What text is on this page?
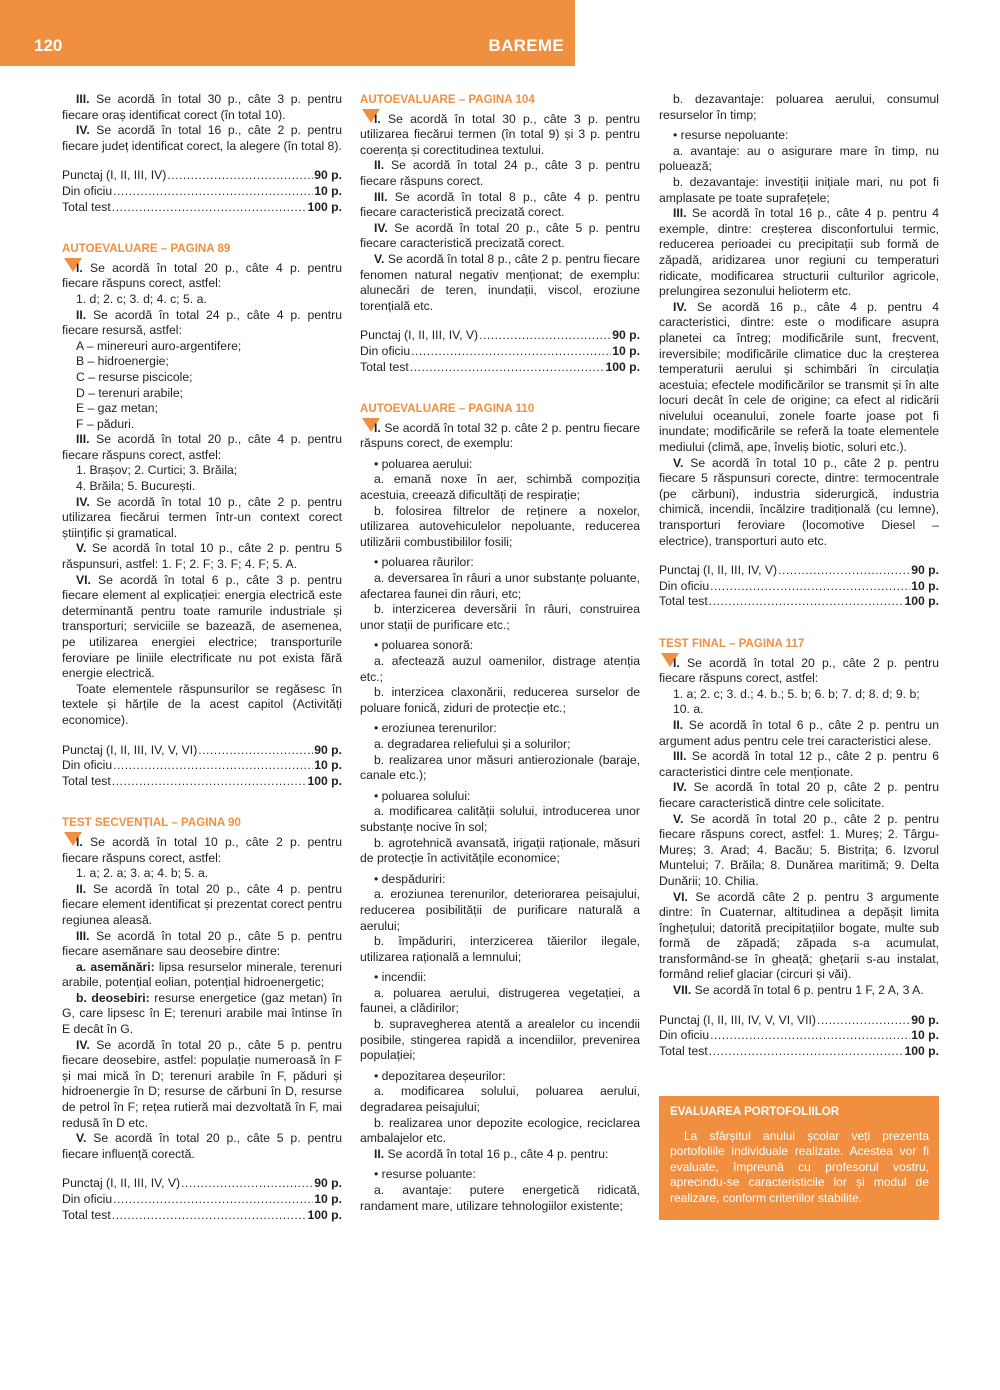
120	BAREME

III. Se acordă în total 30 p., câte 3 p. pentru fiecare oraș identificat corect (în total 10).

IV. Se acordă în total 16 p., câte 2 p. pentru fiecare județ identificat corect, la alegere (în total 8).

Punctaj (I, II, III, IV) .....	90 p.
Din oficiu .....	10 p.
Total test .....	100 p.

AUTOEVALUARE – PAGINA 89

I. Se acordă în total 20 p., câte 4 p. pentru fiecare răspuns corect, astfel:

1. d; 2. c; 3. d; 4. c; 5. a.

II. Se acordă în total 24 p., câte 4 p. pentru fiecare resursă, astfel:

A – minereuri auro-argentifere;

B – hidroenergie;

C – resurse piscicole;

D – terenuri arabile;

E – gaz metan;

F – păduri.

III. Se acordă în total 20 p., câte 4 p. pentru fiecare răspuns corect, astfel:

1. Brașov; 2. Curtici; 3. Brăila;

4. Brăila; 5. București.

IV. Se acordă în total 10 p., câte 2 p. pentru utilizarea fiecărui termen într-un context corect științific și gramatical.

V. Se acordă în total 10 p., câte 2 p. pentru 5 răspunsuri, astfel: 1. F; 2. F; 3. F; 4. F; 5. A.

VI. Se acordă în total 6 p., câte 3 p. pentru fiecare element al explicației: energia electrică este determinantă pentru toate ramurile industriale și transporturi; serviciile se bazează, de asemenea, pe utilizarea energiei electrice; transporturile feroviare pe liniile electrificate nu pot exista fără energie electrică.

Toate elementele răspunsurilor se regăsesc în textele și hărțile de la acest capitol (Activități economice).

Punctaj (I, II, III, IV, V, VI) .....	90 p.
Din oficiu .....	10 p.
Total test .....	100 p.

TEST SECVENȚIAL – PAGINA 90

I. Se acordă în total 10 p., câte 2 p. pentru fiecare răspuns corect, astfel:

1. a; 2. a; 3. a; 4. b; 5. a.

II. Se acordă în total 20 p., câte 4 p. pentru fiecare element identificat și prezentat corect pentru regiunea aleasă.

III. Se acordă în total 20 p., câte 5 p. pentru fiecare asemănare sau deosebire dintre:

a. asemănări: lipsa resurselor minerale, terenuri arabile, potențial eolian, potențial hidroenergetic;

b. deosebiri: resurse energetice (gaz metan) în G, care lipsesc în E; terenuri arabile mai întinse în E decât în G.

IV. Se acordă în total 20 p., câte 5 p. pentru fiecare deosebire, astfel: populație numeroasă în F și mai mică în D; terenuri arabile în F, păduri și hidroenergie în D; resurse de cărbuni în D, resurse de petrol în F; rețea rutieră mai dezvoltată în F, mai redusă în D etc.

V. Se acordă în total 20 p., câte 5 p. pentru fiecare influență corectă.

Punctaj (I, II, III, IV, V) .....	90 p.
Din oficiu .....	10 p.
Total test .....	100 p.

AUTOEVALUARE – PAGINA 104

I. Se acordă în total 30 p., câte 3 p. pentru utilizarea fiecărui termen (în total 9) și 3 p. pentru coerența și corectitudinea textului.

II. Se acordă în total 24 p., câte 3 p. pentru fiecare răspuns corect.

III. Se acordă în total 8 p., câte 4 p. pentru fiecare caracteristică precizată corect.

IV. Se acordă în total 20 p., câte 5 p. pentru fiecare caracteristică precizată corect.

V. Se acordă în total 8 p., câte 2 p. pentru fiecare fenomen natural negativ menționat; de exemplu: alunecări de teren, inundații, viscol, eroziune torențială etc.

Punctaj (I, II, III, IV, V) .....	90 p.
Din oficiu .....	10 p.
Total test .....	100 p.

AUTOEVALUARE – PAGINA 110

I. Se acordă în total 32 p. câte 2 p. pentru fiecare răspuns corect, de exemplu:

• poluarea aerului:

a. emană noxe în aer, schimbă compoziția acestuia, creează dificultăți de respirație;

b. folosirea filtrelor de reținere a noxelor, utilizarea autovehiculelor nepoluante, reducerea utilizării combustibililor fosili;

• poluarea râurilor:

a. deversarea în râuri a unor substanțe poluante, afectarea faunei din râuri, etc;

b. interzicerea deversării în râuri, construirea unor stații de purificare etc.;

• poluarea sonoră:

a. afectează auzul oamenilor, distrage atenția etc.;

b. interzicea claxonării, reducerea surselor de poluare fonică, ziduri de protecție etc.;

• eroziunea terenurilor:

a. degradarea reliefului și a solurilor;

b. realizarea unor măsuri antierozionale (baraje, canale etc.);

• poluarea solului:

a. modificarea calității solului, introducerea unor substanțe nocive în sol;

b. agrotehnică avansată, irigații raționale, măsuri de protecție în activitățile economice;

• despăduriri:

a. eroziunea terenurilor, deteriorarea peisajului, reducerea posibilității de purificare naturală a aerului;

b. împăduriri, interzicerea tăierilor ilegale, utilizarea rațională a lemnului;

• incendii:

a. poluarea aerului, distrugerea vegetației, a faunei, a clădirilor;

b. supravegherea atentă a arealelor cu incendii posibile, stingerea rapidă a incendiilor, prevenirea populației;

• depozitarea deșeurilor:

a. modificarea solului, poluarea aerului, degradarea peisajului;

b. realizarea unor depozite ecologice, reciclarea ambalajelor etc.

II. Se acordă în total 16 p., câte 4 p. pentru:

• resurse poluante:

a. avantaje: putere energetică ridicată, randament mare, utilizare tehnologiilor existente;

b. dezavantaje: poluarea aerului, consumul resurselor în timp;

• resurse nepoluante:

a. avantaje: au o asigurare mare în timp, nu poluează;

b. dezavantaje: investiții inițiale mari, nu pot fi amplasate pe toate suprafețele;

III. Se acordă în total 16 p., câte 4 p. pentru 4 exemple, dintre: creșterea disconfortului termic, reducerea perioadei cu precipitații sub formă de zăpadă, aridizarea unor regiuni cu temperaturi ridicate, modificarea structurii culturilor agricole, prelungirea sezonului helioterm etc.

IV. Se acordă 16 p., câte 4 p. pentru 4 caracteristici, dintre: este o modificare asupra planetei ca întreg; modificările sunt, frecvent, ireversibile; modificările climatice duc la creșterea temperaturii aerului și schimbări în circulația acestuia; efectele modificărilor se transmit și în alte locuri decât în cele de origine; ca efect al ridicării nivelului oceanului, zonele foarte joase pot fi inundate; modificările se referă la toate elementele mediului (climă, ape, înveliș biotic, soluri etc.).

V. Se acordă în total 10 p., câte 2 p. pentru fiecare 5 răspunsuri corecte, dintre: termocentrale (pe cărbuni), industria siderurgică, industria chimică, incendii, încălzire tradițională (cu lemne), transporturi feroviare (locomotive Diesel – electrice), transporturi auto etc.

Punctaj (I, II, III, IV, V) .....	90 p.
Din oficiu .....	10 p.
Total test .....	100 p.

TEST FINAL – PAGINA 117

I. Se acordă în total 20 p., câte 2 p. pentru fiecare răspuns corect, astfel:

1. a; 2. c; 3. d.; 4. b.; 5. b; 6. b; 7. d; 8. d; 9. b; 10. a.

II. Se acordă în total 6 p., câte 2 p. pentru un argument adus pentru cele trei caracteristici alese.

III. Se acordă în total 12 p., câte 2 p. pentru 6 caracteristici dintre cele menționate.

IV. Se acordă în total 20 p, câte 2 p. pentru fiecare caracteristică dintre cele solicitate.

V. Se acordă în total 20 p., câte 2 p. pentru fiecare răspuns corect, astfel: 1. Mureș; 2. Târgu-Mureș; 3. Arad; 4. Bacău; 5. Bistrița; 6. Izvorul Muntelui; 7. Brăila; 8. Dunărea maritimă; 9. Delta Dunării; 10. Chilia.

VI. Se acordă câte 2 p. pentru 3 argumente dintre: în Cuaternar, altitudinea a depășit limita înghețului; datorită precipitațiilor bogate, multe sub formă de zăpadă; zăpada s-a acumulat, transformând-se în gheață; ghețarii s-au instalat, formând relief glaciar (circuri și văi).

VII. Se acordă în total 6 p. pentru 1 F, 2 A, 3 A.

Punctaj (I, II, III, IV, V, VI, VII) .....	90 p.
Din oficiu .....	10 p.
Total test .....	100 p.
EVALUAREA PORTOFOLIILOR
La sfârșitul anului școlar veți prezenta portofoliile individuale realizate. Acestea vor fi evaluate, împreună cu profesorul vostru, aprecindu-se caracteristicile lor și modul de realizare, conform criteriilor stabilite.
